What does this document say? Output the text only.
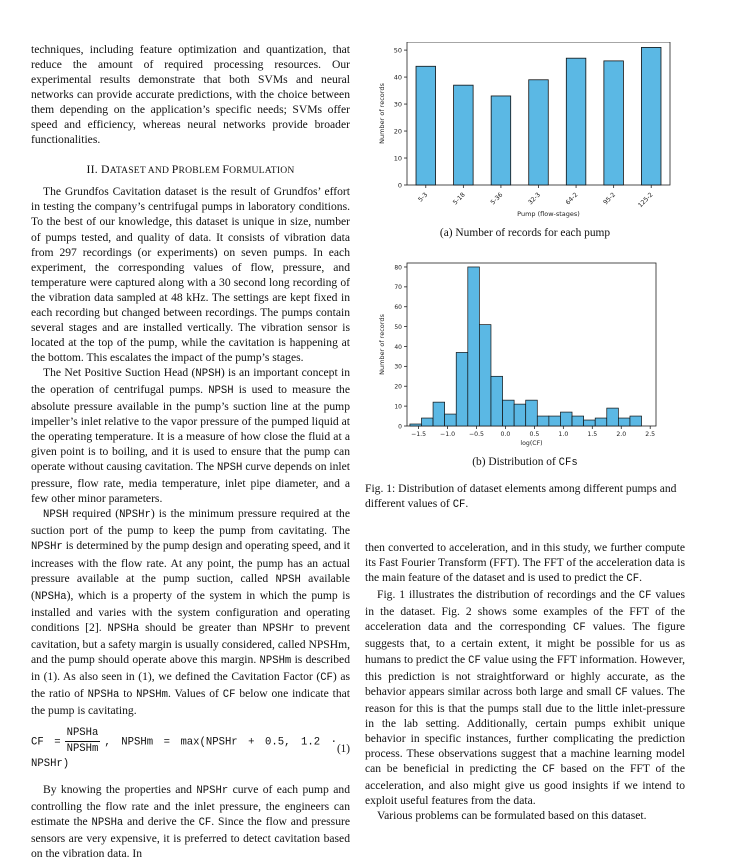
techniques, including feature optimization and quantization, that reduce the amount of required processing resources. Our experimental results demonstrate that both SVMs and neural networks can provide accurate predictions, with the choice between them depending on the application’s specific needs; SVMs offer speed and efficiency, whereas neural networks provide broader functionalities.

II. DATASET AND PROBLEM FORMULATION

The Grundfos Cavitation dataset is the result of Grundfos’ effort in testing the company’s centrifugal pumps in laboratory conditions. To the best of our knowledge, this dataset is unique in size, number of pumps tested, and quality of data. It consists of vibration data from 297 recordings (or experiments) on seven pumps. In each experiment, the corresponding values of flow, pressure, and temperature were captured along with a 30 second long recording of the vibration data sampled at 48 kHz. The settings are kept fixed in each recording but changed between recordings. The pumps contain several stages and are installed vertically. The vibration sensor is located at the top of the pump, while the cavitation is happening at the bottom. This escalates the impact of the pump’s stages.

The Net Positive Suction Head (NPSH) is an important concept in the operation of centrifugal pumps. NPSH is used to measure the absolute pressure available in the pump’s suction line at the pump impeller’s inlet relative to the vapor pressure of the pumped liquid at the operating temperature. It is a measure of how close the fluid at a given point is to boiling, and it is used to ensure that the pump can operate without causing cavitation. The NPSH curve depends on inlet pressure, flow rate, media temperature, inlet pipe diameter, and a few other minor parameters.

NPSH required (NPSHr) is the minimum pressure required at the suction port of the pump to keep the pump from cavitating. The NPSHr is determined by the pump design and operating speed, and it increases with the flow rate. At any point, the pump has an actual pressure available at the pump suction, called NPSH available (NPSHa), which is a property of the system in which the pump is installed and varies with the system configuration and operating conditions [2]. NPSHa should be greater than NPSHr to prevent cavitation, but a safety margin is usually considered, called NPSHm, and the pump should operate above this margin. NPSHm is described in (1). As also seen in (1), we defined the Cavitation Factor (CF) as the ratio of NPSHa to NPSHm. Values of CF below one indicate that the pump is cavitating.

CF = $\frac{\text{NPSHa}}{\text{NPSHm}}$ , NPSHm = max(NPSHr + 0.5, 1.2 · NPSHr)
(1)

By knowing the properties and NPSHr curve of each pump and controlling the flow rate and the inlet pressure, the engineers can estimate the NPSHa and derive the CF. Since the flow and pressure sensors are very expensive, it is preferred to detect cavitation based on the vibration data. In

0
10
20
30
40
50
5-3	5-18	5-36	32-3	64-2	95-2	125-2
Pump (flow-stages)
Number of records
(a) Number of records for each pump
0
10
20
30
40
50
60
70
80
−1.5 −1.0 −0.5	0.0	0.5	1.0	1.5	2.0	2.5
log(CF)
Number of records
(b) Distribution of CFs
Fig. 1: Distribution of dataset elements among different pumps and different values of CF.

then converted to acceleration, and in this study, we further compute its Fast Fourier Transform (FFT). The FFT of the acceleration data is the main feature of the dataset and is used to predict the CF.

Fig. 1 illustrates the distribution of recordings and the CF values in the dataset. Fig. 2 shows some examples of the FFT of the acceleration data and the corresponding CF values. The figure suggests that, to a certain extent, it might be possible for us as humans to predict the CF value using the FFT information. However, this prediction is not straightforward or highly accurate, as the behavior appears similar across both large and small CF values. The reason for this is that the pumps stall due to the little inlet-pressure in the lab setting. Additionally, certain pumps exhibit unique behavior in specific instances, further complicating the prediction process. These observations suggest that a machine learning model can be beneficial in predicting the CF based on the FFT of the acceleration, and also might give us good insights if we intend to exploit useful features from the data.

Various problems can be formulated based on this dataset.
